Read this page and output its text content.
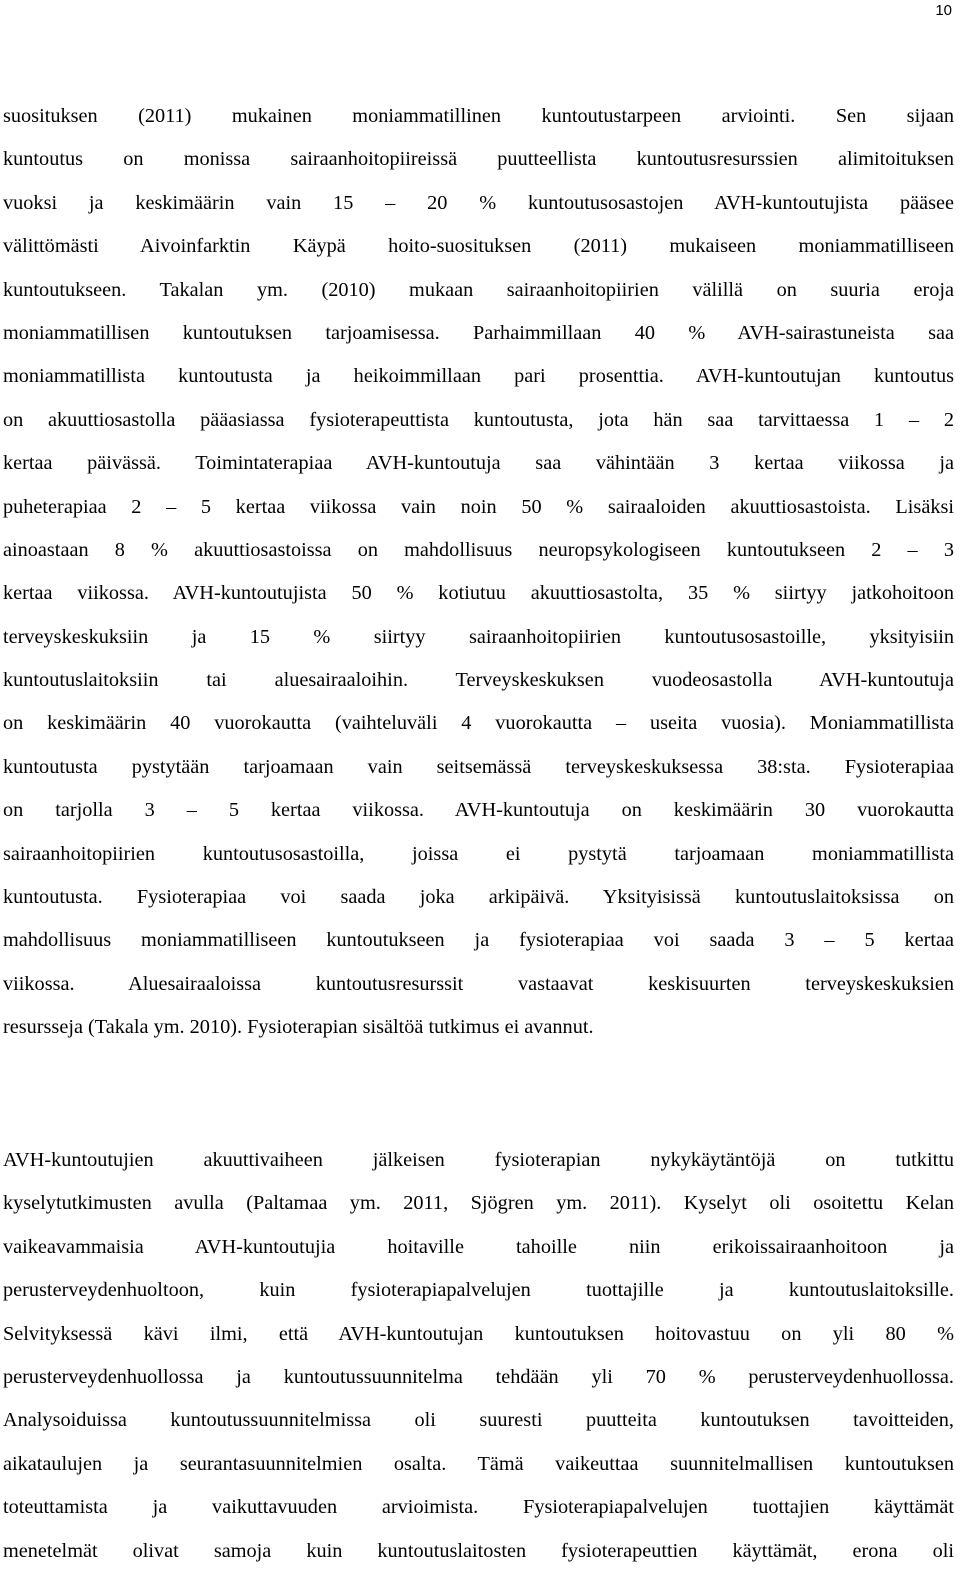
10
suosituksen (2011) mukainen moniammatillinen kuntoutustarpeen arviointi. Sen sijaan
kuntoutus on monissa sairaanhoitopiireissä puutteellista kuntoutusresurssien alimitoituksen
vuoksi ja keskimäärin vain 15 – 20 % kuntoutusosastojen AVH-kuntoutujista pääsee
välittömästi Aivoinfarktin Käypä hoito-suosituksen (2011) mukaiseen moniammatilliseen
kuntoutukseen. Takalan ym. (2010) mukaan sairaanhoitopiirien välillä on suuria eroja
moniammatillisen kuntoutuksen tarjoamisessa. Parhaimmillaan 40 % AVH-sairastuneista saa
moniammatillista kuntoutusta ja heikoimmillaan pari prosenttia. AVH-kuntoutujan kuntoutus
on akuuttiosastolla pääasiassa fysioterapeuttista kuntoutusta, jota hän saa tarvittaessa 1 – 2
kertaa päivässä. Toimintaterapiaa AVH-kuntoutuja saa vähintään 3 kertaa viikossa ja
puheterapiaa 2 – 5 kertaa viikossa vain noin 50 % sairaaloiden akuuttiosastoista. Lisäksi
ainoastaan 8 % akuuttiosastoissa on mahdollisuus neuropsykologiseen kuntoutukseen 2 – 3
kertaa viikossa. AVH-kuntoutujista 50 % kotiutuu akuuttiosastolta, 35 % siirtyy jatkohoitoon
terveyskeskuksiin ja 15 % siirtyy sairaanhoitopiirien kuntoutusosastoille, yksityisiin
kuntoutuslaitoksiin tai aluesairaaloihin. Terveyskeskuksen vuodeosastolla AVH-kuntoutuja
on keskimäärin 40 vuorokautta (vaihteluväli 4 vuorokautta – useita vuosia). Moniammatillista
kuntoutusta pystytään tarjoamaan vain seitsemässä terveyskeskuksessa 38:sta. Fysioterapiaa
on tarjolla 3 – 5 kertaa viikossa. AVH-kuntoutuja on keskimäärin 30 vuorokautta
sairaanhoitopiirien kuntoutusosastoilla, joissa ei pystytä tarjoamaan moniammatillista
kuntoutusta. Fysioterapiaa voi saada joka arkipäivä. Yksityisissä kuntoutuslaitoksissa on
mahdollisuus moniammatilliseen kuntoutukseen ja fysioterapiaa voi saada 3 – 5 kertaa
viikossa. Aluesairaaloissa kuntoutusresurssit vastaavat keskisuurten terveyskeskuksien
resursseja (Takala ym. 2010). Fysioterapian sisältöä tutkimus ei avannut.
AVH-kuntoutujien akuuttivaiheen jälkeisen fysioterapian nykykäytäntöjä on tutkittu
kyselytutkimusten avulla (Paltamaa ym. 2011, Sjögren ym. 2011). Kyselyt oli osoitettu Kelan
vaikeavammaisia AVH-kuntoutujia hoitaville tahoille niin erikoissairaanhoitoon ja
perusterveydenhuoltoon, kuin fysioterapiapalvelujen tuottajille ja kuntoutuslaitoksille.
Selvityksessä kävi ilmi, että AVH-kuntoutujan kuntoutuksen hoitovastuu on yli 80 %
perusterveydenhuollossa ja kuntoutussuunnitelma tehdään yli 70 % perusterveydenhuollossa.
Analysoiduissa kuntoutussuunnitelmissa oli suuresti puutteita kuntoutuksen tavoitteiden,
aikataulujen ja seurantasuunnitelmien osalta. Tämä vaikeuttaa suunnitelmallisen kuntoutuksen
toteuttamista ja vaikuttavuuden arvioimista. Fysioterapiapalvelujen tuottajien käyttämät
menetelmät olivat samoja kuin kuntoutuslaitosten fysioterapeuttien käyttämät, erona oli
